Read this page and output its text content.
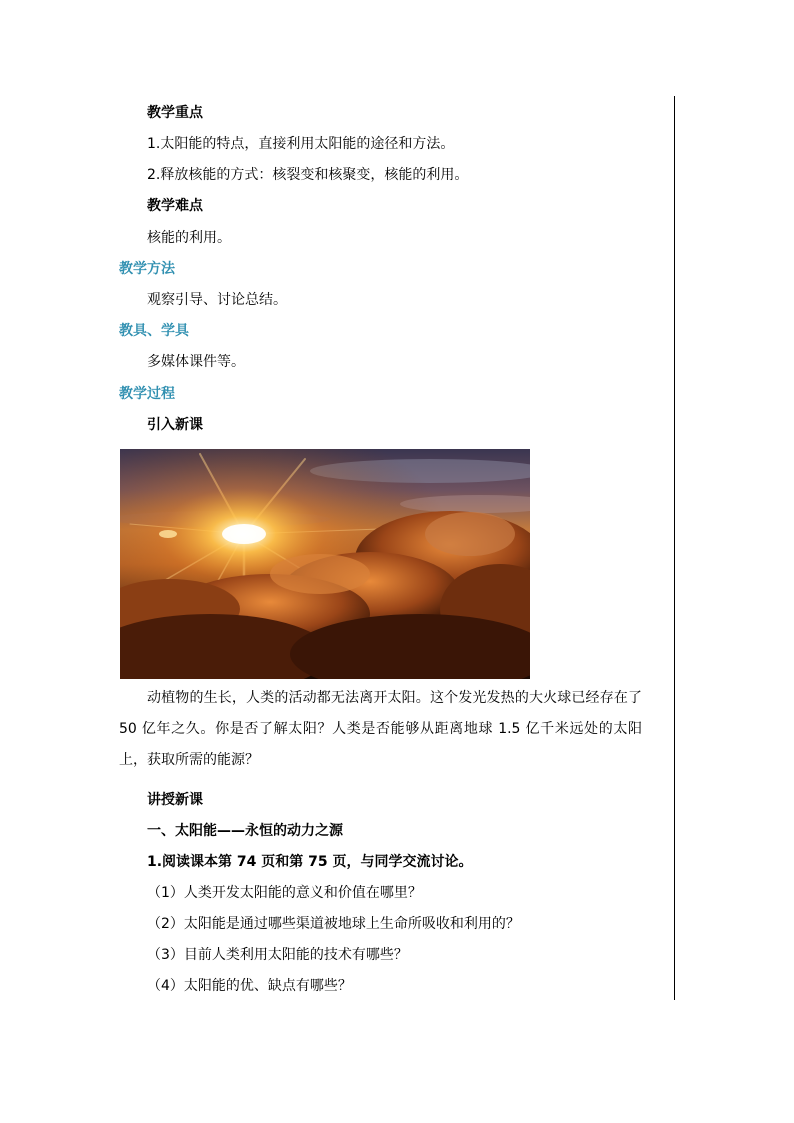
教学重点
1.太阳能的特点，直接利用太阳能的途径和方法。
2.释放核能的方式：核裂变和核聚变，核能的利用。
教学难点
核能的利用。
教学方法
观察引导、讨论总结。
教具、学具
多媒体课件等。
教学过程
引入新课
动植物的生长，人类的活动都无法离开太阳。这个发光发热的大火球已经存在了 50 亿年之久。你是否了解太阳？人类是否能够从距离地球 1.5 亿千米远处的太阳上，获取所需的能源？
讲授新课
一、太阳能——永恒的动力之源
1.阅读课本第 74 页和第 75 页，与同学交流讨论。
（1）人类开发太阳能的意义和价值在哪里？
（2）太阳能是通过哪些渠道被地球上生命所吸收和利用的？
（3）目前人类利用太阳能的技术有哪些？
（4）太阳能的优、缺点有哪些？
